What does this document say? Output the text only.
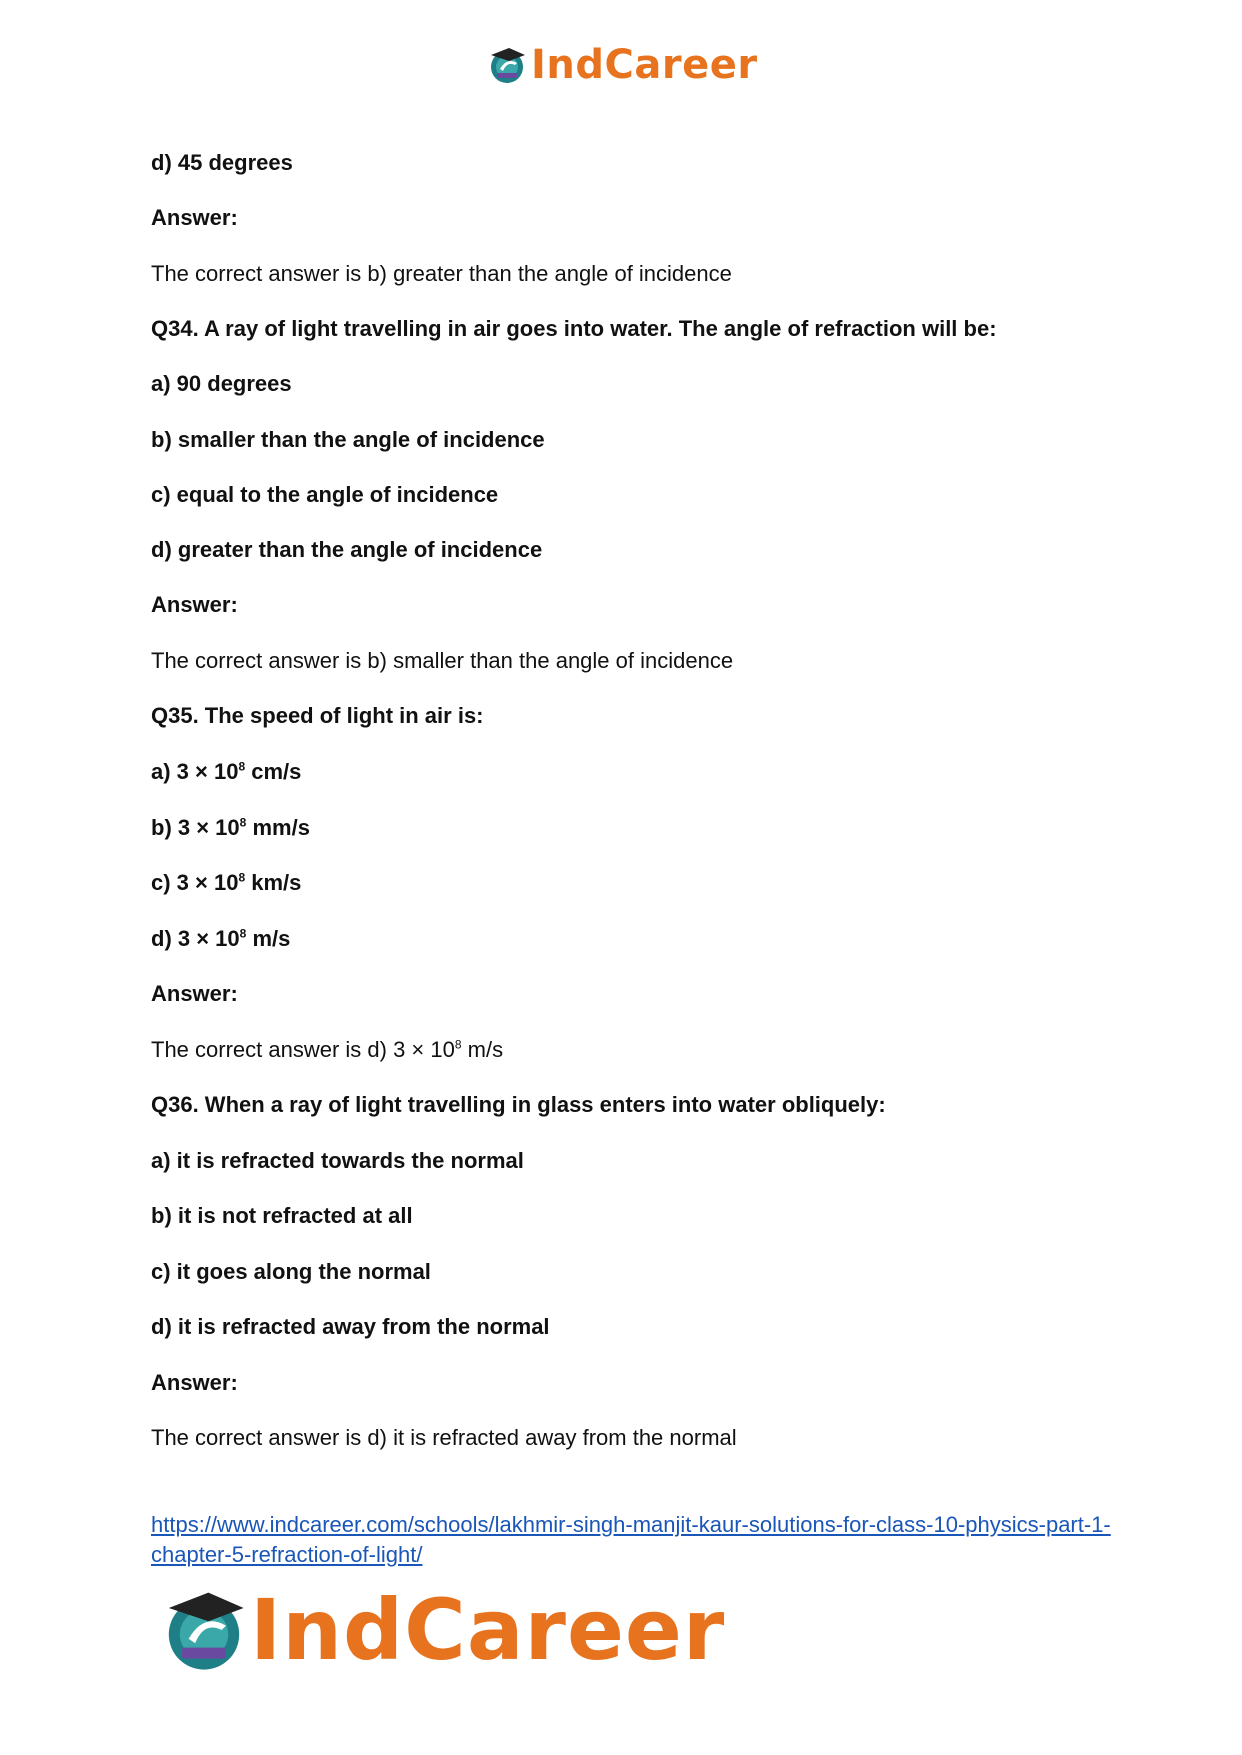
IndCareer
d) 45 degrees
Answer:
The correct answer is b) greater than the angle of incidence
Q34. A ray of light travelling in air goes into water. The angle of refraction will be:
a) 90 degrees
b) smaller than the angle of incidence
c) equal to the angle of incidence
d) greater than the angle of incidence
Answer:
The correct answer is b) smaller than the angle of incidence
Q35. The speed of light in air is:
a) $3 \times 10^8$ cm/s
b) $3 \times 10^8$ mm/s
c) $3 \times 10^8$ km/s
d) $3 \times 10^8$ m/s
Answer:
The correct answer is d) $3 \times 10^8$ m/s
Q36. When a ray of light travelling in glass enters into water obliquely:
a) it is refracted towards the normal
b) it is not refracted at all
c) it goes along the normal
d) it is refracted away from the normal
Answer:
The correct answer is d) it is refracted away from the normal
https://www.indcareer.com/schools/lakhmir-singh-manjit-kaur-solutions-for-class-10-physics-part-1-chapter-5-refraction-of-light/
IndCareer
